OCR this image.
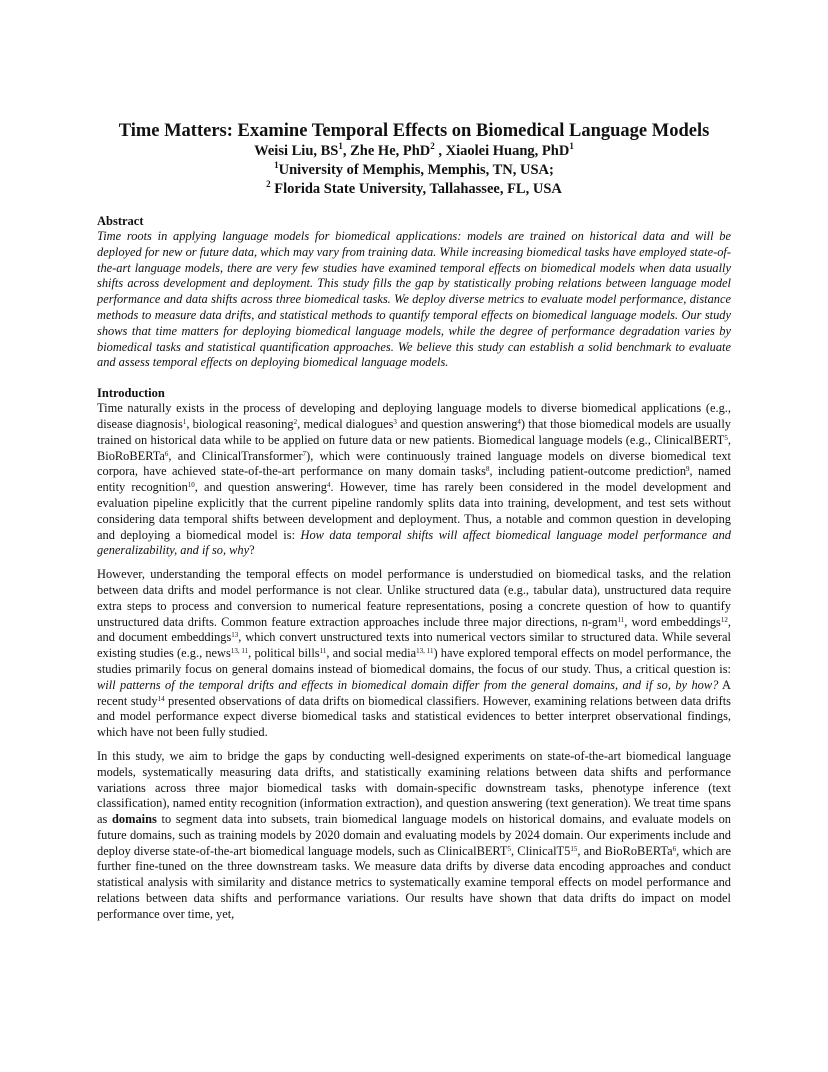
Time Matters: Examine Temporal Effects on Biomedical Language Models
Weisi Liu, $BS^1$, Zhe He, PhD$^2$ , Xiaolei Huang, PhD$^1$
$^1$University of Memphis, Memphis, TN, USA;
$^2$ Florida State University, Tallahassee, FL, USA
Abstract

Time roots in applying language models for biomedical applications: models are trained on historical data and will be deployed for new or future data, which may vary from training data. While increasing biomedical tasks have employed state-of-the-art language models, there are very few studies have examined temporal effects on biomedical models when data usually shifts across development and deployment. This study fills the gap by statistically probing relations between language model performance and data shifts across three biomedical tasks. We deploy diverse metrics to evaluate model performance, distance methods to measure data drifts, and statistical methods to quantify temporal effects on biomedical language models. Our study shows that time matters for deploying biomedical language models, while the degree of performance degradation varies by biomedical tasks and statistical quantification approaches. We believe this study can establish a solid benchmark to evaluate and assess temporal effects on deploying biomedical language models.

Introduction

Time naturally exists in the process of developing and deploying language models to diverse biomedical applications (e.g., disease diagnosis$^1$, biological reasoning$^2$, medical dialogues$^3$ and question answering$^4$) that those biomedical models are usually trained on historical data while to be applied on future data or new patients. Biomedical language models (e.g., ClinicalBERT$^5$, BioRoBERTa$^6$, and ClinicalTransformer$^7$), which were continuously trained language models on diverse biomedical text corpora, have achieved state-of-the-art performance on many domain tasks$^8$, including patient-outcome prediction$^9$, named entity recognition$^{10}$, and question answering$^4$. However, time has rarely been considered in the model development and evaluation pipeline explicitly that the current pipeline randomly splits data into training, development, and test sets without considering data temporal shifts between development and deployment. Thus, a notable and common question in developing and deploying a biomedical model is: How data temporal shifts will affect biomedical language model performance and generalizability, and if so, why?

However, understanding the temporal effects on model performance is understudied on biomedical tasks, and the relation between data drifts and model performance is not clear. Unlike structured data (e.g., tabular data), unstructured data require extra steps to process and conversion to numerical feature representations, posing a concrete question of how to quantify unstructured data drifts. Common feature extraction approaches include three major directions, n-gram$^{11}$, word embeddings$^{12}$, and document embeddings$^{13}$, which convert unstructured texts into numerical vectors similar to structured data. While several existing studies (e.g., news$^{13, 11}$, political bills$^{11}$, and social media$^{13, 11}$) have explored temporal effects on model performance, the studies primarily focus on general domains instead of biomedical domains, the focus of our study. Thus, a critical question is: will patterns of the temporal drifts and effects in biomedical domain differ from the general domains, and if so, by how? A recent study$^{14}$ presented observations of data drifts on biomedical classifiers. However, examining relations between data drifts and model performance expect diverse biomedical tasks and statistical evidences to better interpret observational findings, which have not been fully studied.

In this study, we aim to bridge the gaps by conducting well-designed experiments on state-of-the-art biomedical language models, systematically measuring data drifts, and statistically examining relations between data shifts and performance variations across three major biomedical tasks with domain-specific downstream tasks, phenotype inference (text classification), named entity recognition (information extraction), and question answering (text generation). We treat time spans as domains to segment data into subsets, train biomedical language models on historical domains, and evaluate models on future domains, such as training models by 2020 domain and evaluating models by 2024 domain. Our experiments include and deploy diverse state-of-the-art biomedical language models, such as ClinicalBERT$^5$, $ClinicalT5^{15}$, and BioRoBERTa$^6$, which are further fine-tuned on the three downstream tasks. We measure data drifts by diverse data encoding approaches and conduct statistical analysis with similarity and distance metrics to systematically examine temporal effects on model performance and relations between data shifts and performance variations. Our results have shown that data drifts do impact on model performance over time, yet,
